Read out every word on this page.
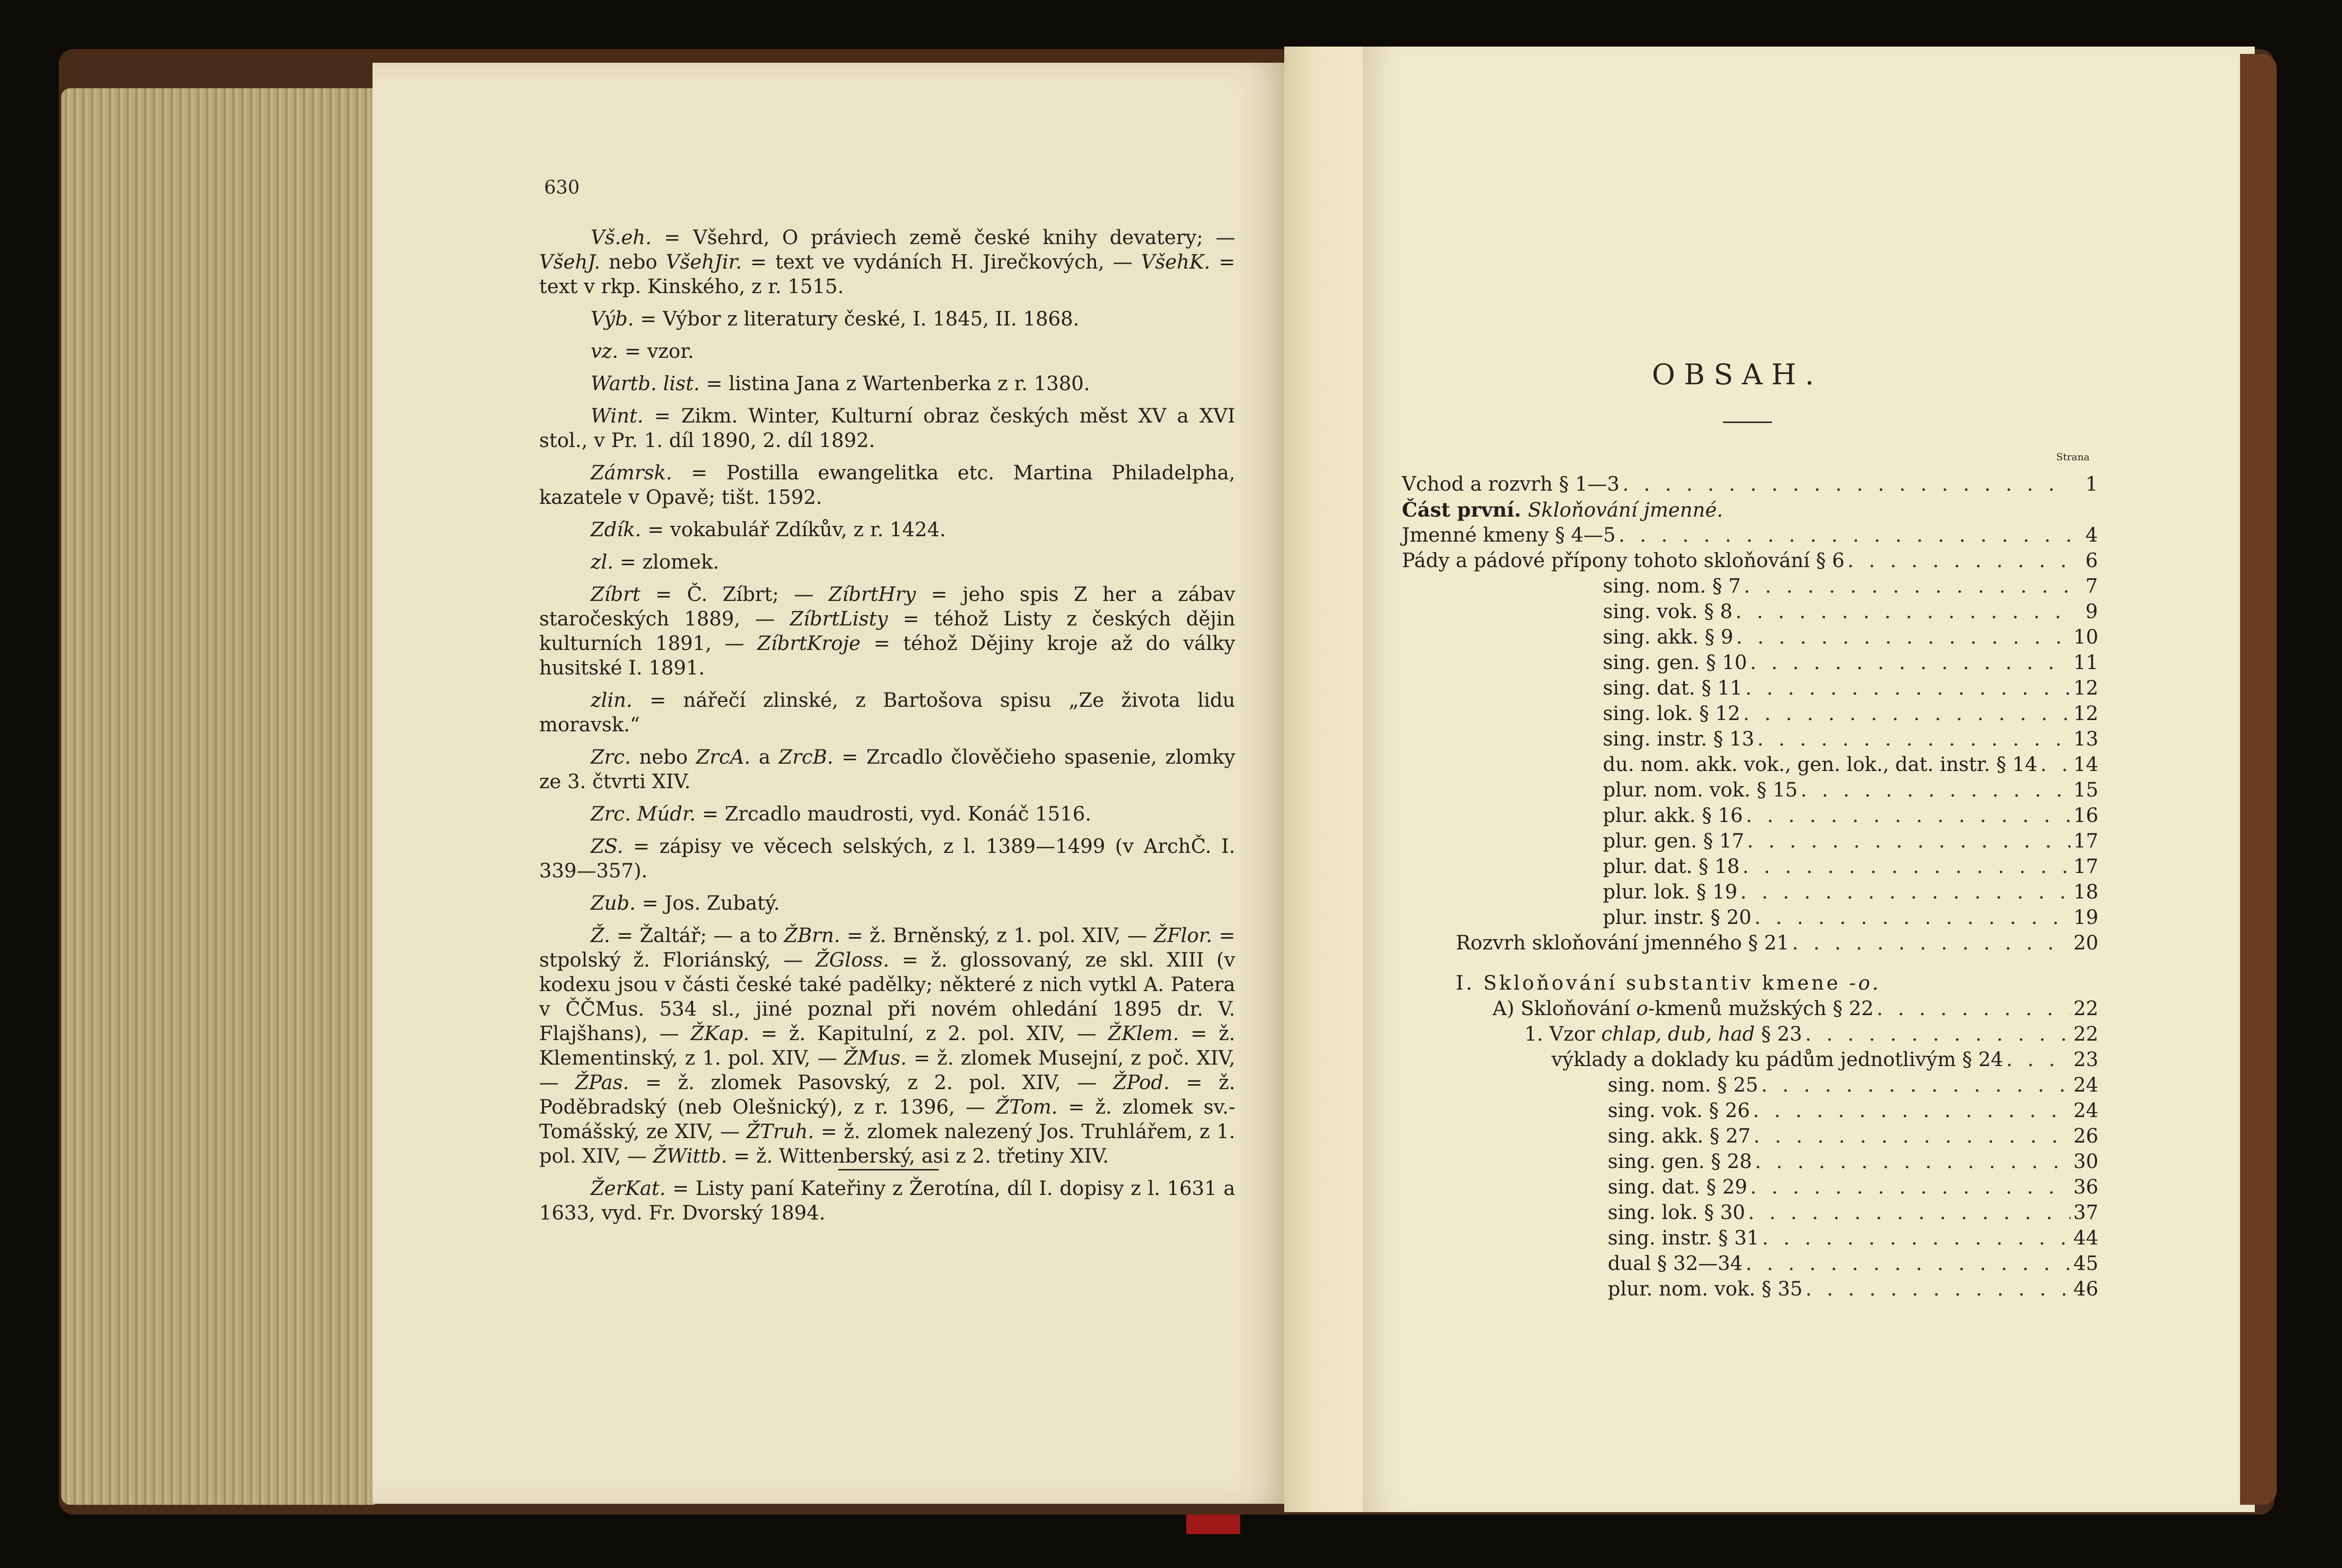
630

Vš.eh. = Všehrd, O práviech země české knihy devatery; — VšehJ. nebo VšehJir. = text ve vydáních H. Jirečkových, — VšehK. = text v rkp. Kinského, z r. 1515.

Výb. = Výbor z literatury české, I. 1845, II. 1868.

vz. = vzor.

Wartb. list. = listina Jana z Wartenberka z r. 1380.

Wint. = Zikm. Winter, Kulturní obraz českých měst XV a XVI stol., v Pr. 1. díl 1890, 2. díl 1892.

Zámrsk. = Postilla ewangelitka etc. Martina Philadelpha, kazatele v Opavě; tišt. 1592.

Zdík. = vokabulář Zdíkův, z r. 1424.

zl. = zlomek.

Zíbrt = Č. Zíbrt; — ZíbrtHry = jeho spis Z her a zábav staročeských 1889, — ZíbrtListy = téhož Listy z českých dějin kulturních 1891, — ZíbrtKroje = téhož Dějiny kroje až do války husitské I. 1891.

zlin. = nářečí zlinské, z Bartošova spisu „Ze života lidu moravsk.“

Zrc. nebo ZrcA. a ZrcB. = Zrcadlo člověčieho spasenie, zlomky ze 3. čtvrti XIV.

Zrc. Múdr. = Zrcadlo maudrosti, vyd. Konáč 1516.

ZS. = zápisy ve věcech selských, z l. 1389—1499 (v ArchČ. I. 339—357).

Zub. = Jos. Zubatý.

Ž. = Žaltář; — a to ŽBrn. = ž. Brněnský, z 1. pol. XIV, — ŽFlor. = stpolský ž. Floriánský, — ŽGloss. = ž. glossovaný, ze skl. XIII (v kodexu jsou v části české také padělky; některé z nich vytkl A. Patera v ČČMus. 534 sl., jiné poznal při novém ohledání 1895 dr. V. Flajšhans), — ŽKap. = ž. Kapitulní, z 2. pol. XIV, — ŽKlem. = ž. Klementinský, z 1. pol. XIV, — ŽMus. = ž. zlomek Musejní, z poč. XIV, — ŽPas. = ž. zlomek Pasovský, z 2. pol. XIV, — ŽPod. = ž. Poděbradský (neb Olešnický), z r. 1396, — ŽTom. = ž. zlomek sv.-Tomášský, ze XIV, — ŽTruh. = ž. zlomek nalezený Jos. Truhlářem, z 1. pol. XIV, — ŽWittb. = ž. Wittenberský, asi z 2. třetiny XIV.

ŽerKat. = Listy paní Kateřiny z Žerotína, díl I. dopisy z l. 1631 a 1633, vyd. Fr. Dvorský 1894.

OBSAH.
Strana
Vchod a rozvrh § 1—3 . . .	1
Část první. Skloňování jmenné.
Jmenné kmeny § 4—5 . . .	4
Pády a pádové přípony tohoto skloňování § 6 . . .	6
sing. nom. § 7 . . .	7
sing. vok. § 8 . . .	9
sing. akk. § 9 . . .	10
sing. gen. § 10 . . .	11
sing. dat. § 11 . . .	12
sing. lok. § 12 . . .	12
sing. instr. § 13 . . .	13
du. nom. akk. vok., gen. lok., dat. instr. § 14 . . . 14
plur. nom. vok. § 15 . . .	15
plur. akk. § 16 . . .	16
plur. gen. § 17 . . .	17
plur. dat. § 18 . . .	17
plur. lok. § 19 . . .	18
plur. instr. § 20 . . .	19
Rozvrh skloňování jmenného § 21 . . .	20
I. Skloňování substantiv kmene -o.
A) Skloňování o-kmenů mužských § 22 . . .	22
1. Vzor chlap, dub, had § 23 . . .	22
výklady a doklady ku pádům jednotlivým § 24 . . .	23
sing. nom. § 25 . . .	24
sing. vok. § 26 . . .	24
sing. akk. § 27 . . .	26
sing. gen. § 28 . . .	30
sing. dat. § 29 . . .	36
sing. lok. § 30 . . .	37
sing. instr. § 31 . . .	44
dual § 32—34 . . .	45
plur. nom. vok. § 35 . . .	46
